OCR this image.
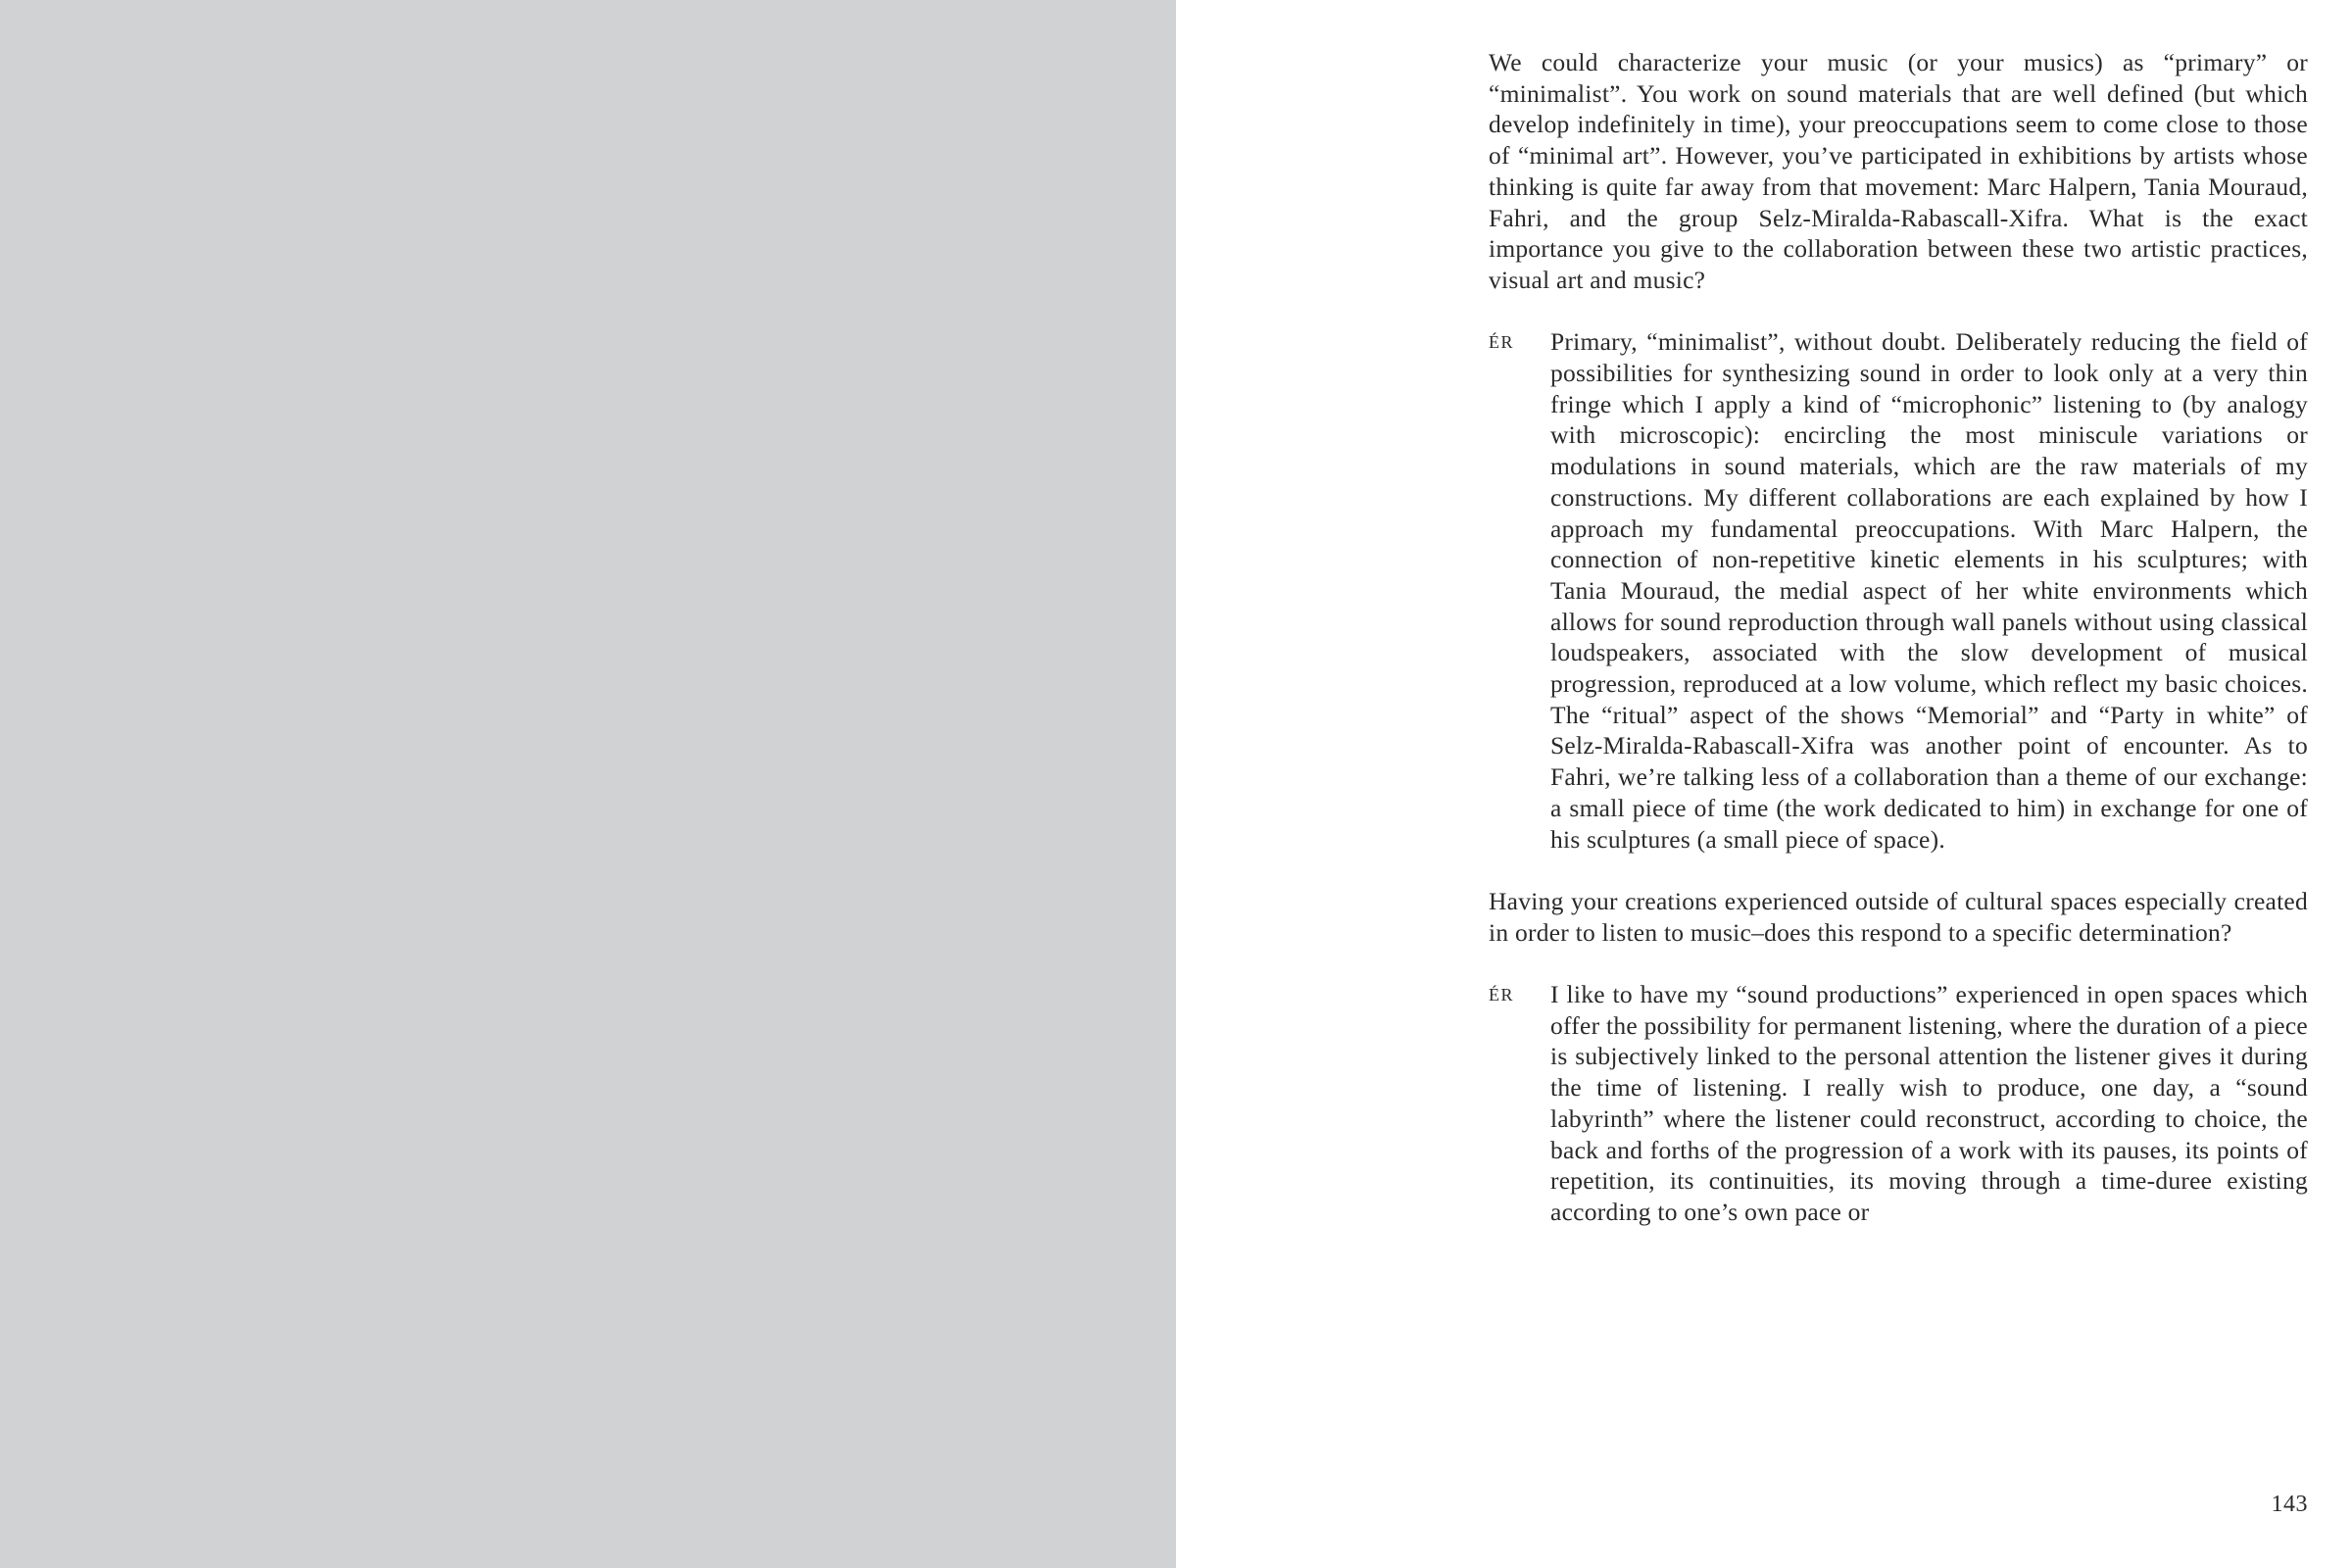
We could characterize your music (or your musics) as “primary” or “minimalist”. You work on sound materials that are well defined (but which develop indefinitely in time), your preoccupations seem to come close to those of “minimal art”. However, you’ve participated in exhibitions by artists whose thinking is quite far away from that movement: Marc Halpern, Tania Mouraud, Fahri, and the group Selz-Miralda-Rabascall-Xifra. What is the exact importance you give to the collaboration between these two artistic practices, visual art and music?

ÉR Primary, “minimalist”, without doubt. Deliberately reducing the field of possibilities for synthesizing sound in order to look only at a very thin fringe which I apply a kind of “microphonic” listening to (by analogy with microscopic): encircling the most miniscule variations or modulations in sound materials, which are the raw materials of my constructions. My different collaborations are each explained by how I approach my fundamental preoccupations. With Marc Halpern, the connection of non-repetitive kinetic elements in his sculptures; with Tania Mouraud, the medial aspect of her white environments which allows for sound reproduction through wall panels without using classical loudspeakers, associated with the slow development of musical progression, reproduced at a low volume, which reflect my basic choices. The “ritual” aspect of the shows “Memorial” and “Party in white” of Selz-Miralda-Rabascall-Xifra was another point of encounter. As to Fahri, we’re talking less of a collaboration than a theme of our exchange: a small piece of time (the work dedicated to him) in exchange for one of his sculptures (a small piece of space).

Having your creations experienced outside of cultural spaces especially created in order to listen to music–does this respond to a specific determination?

ÉR I like to have my “sound productions” experienced in open spaces which offer the possibility for permanent listening, where the duration of a piece is subjectively linked to the personal attention the listener gives it during the time of listening. I really wish to produce, one day, a “sound labyrinth” where the listener could reconstruct, according to choice, the back and forths of the progression of a work with its pauses, its points of repetition, its continuities, its moving through a time-duree existing according to one’s own pace or
143
